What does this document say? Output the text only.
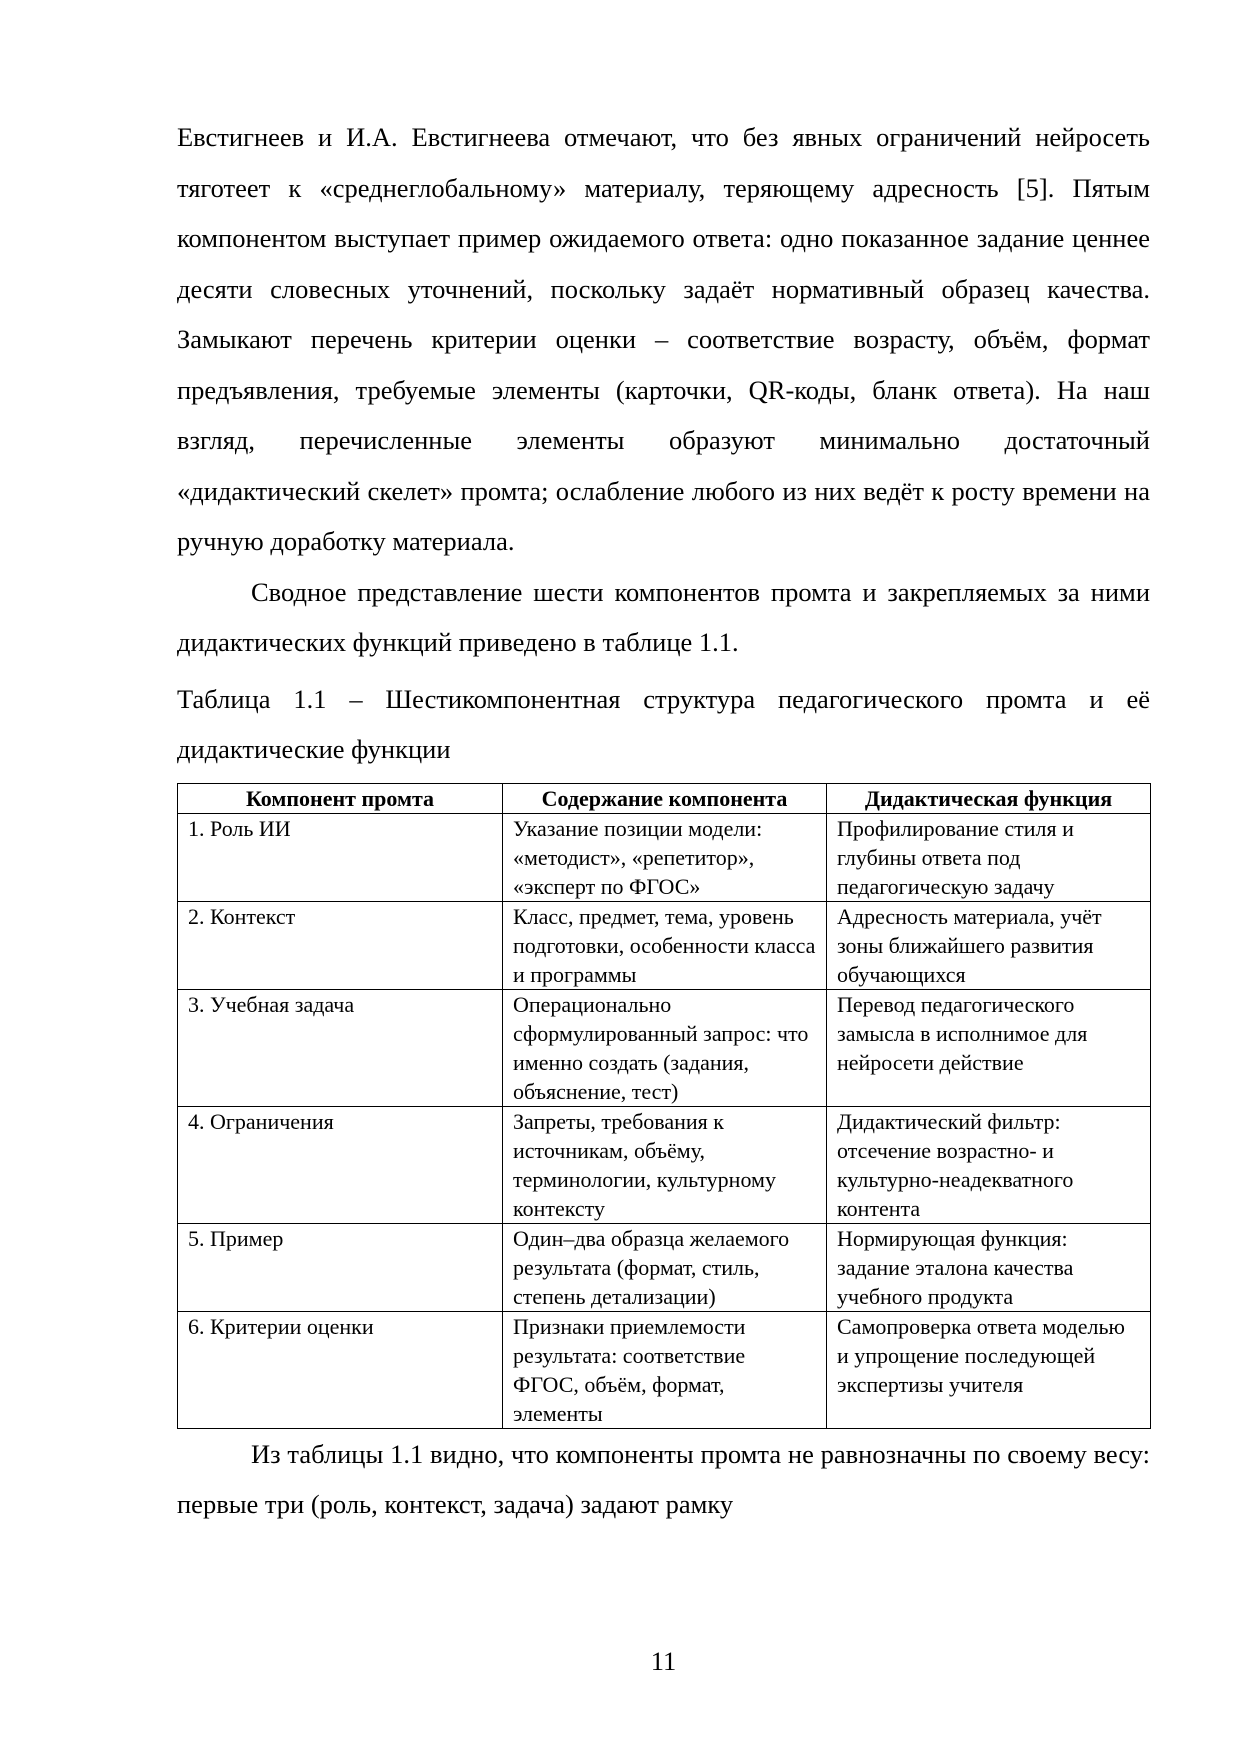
Евстигнеев и И.А. Евстигнеева отмечают, что без явных ограничений нейросеть тяготеет к «среднеглобальному» материалу, теряющему адресность [5]. Пятым компонентом выступает пример ожидаемого ответа: одно показанное задание ценнее десяти словесных уточнений, поскольку задаёт нормативный образец качества. Замыкают перечень критерии оценки – соответствие возрасту, объём, формат предъявления, требуемые элементы (карточки, QR-коды, бланк ответа). На наш взгляд, перечисленные элементы образуют минимально достаточный «дидактический скелет» промта; ослабление любого из них ведёт к росту времени на ручную доработку материала.

Сводное представление шести компонентов промта и закрепляемых за ними дидактических функций приведено в таблице 1.1.

Таблица 1.1 – Шестикомпонентная структура педагогического промта и её дидактические функции

Компонент промта	Содержание компонента	Дидактическая функция
1. Роль ИИ	Указание позиции модели: «методист», «репетитор», «эксперт по ФГОС»	Профилирование стиля и глубины ответа под педагогическую задачу
2. Контекст	Класс, предмет, тема, уровень подготовки, особенности класса и программы	Адресность материала, учёт зоны ближайшего развития обучающихся
3. Учебная задача	Операционально сформулированный запрос: что именно создать (задания, объяснение, тест)	Перевод педагогического замысла в исполнимое для нейросети действие
4. Ограничения	Запреты, требования к источникам, объёму, терминологии, культурному контексту	Дидактический фильтр: отсечение возрастно- и культурно-неадекватного контента
5. Пример	Один–два образца желаемого результата (формат, стиль, степень детализации)	Нормирующая функция: задание эталона качества учебного продукта
6. Критерии оценки	Признаки приемлемости результата: соответствие ФГОС, объём, формат, элементы	Самопроверка ответа моделью и упрощение последующей экспертизы учителя

Из таблицы 1.1 видно, что компоненты промта не равнозначны по своему весу: первые три (роль, контекст, задача) задают рамку

11
